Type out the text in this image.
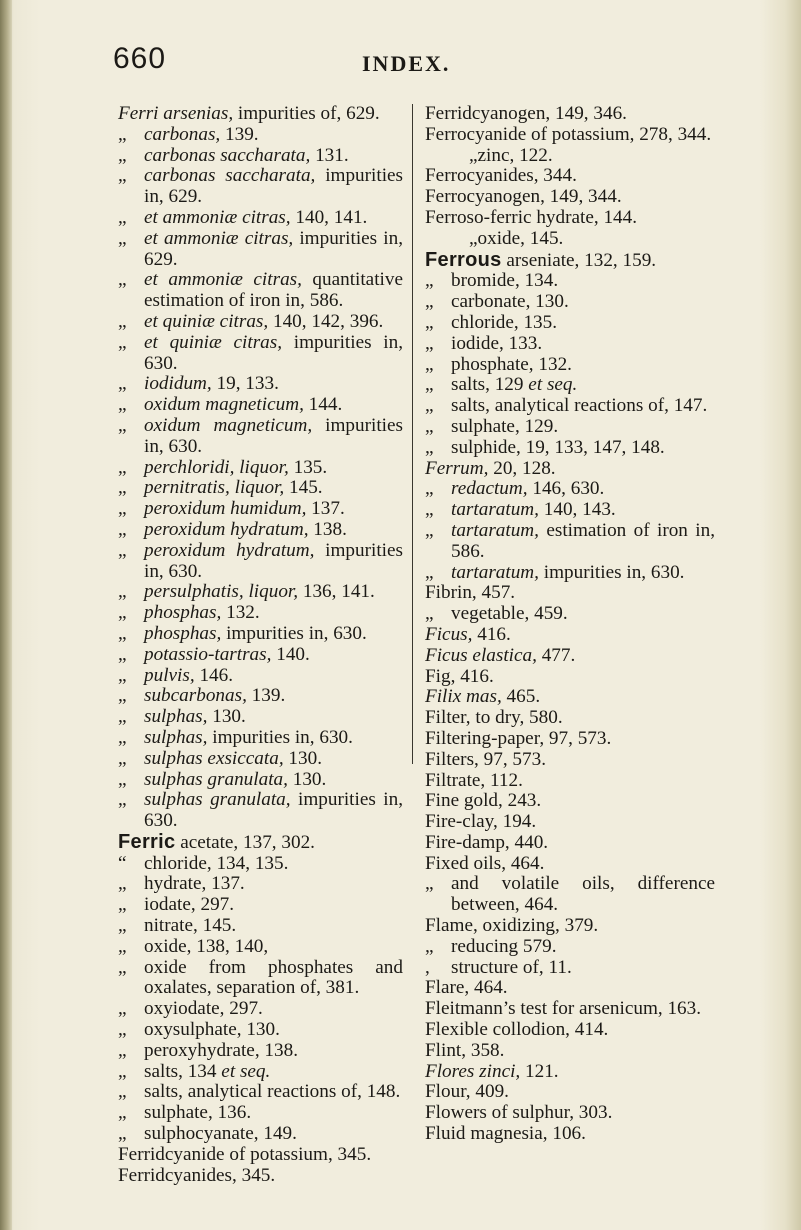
660	INDEX.
Ferri arsenias, impurities of, 629.
„ carbonas, 139.
„ carbonas saccharata, 131.
„ carbonas saccharata, impurities in, 629.
„ et ammoniæ citras, 140, 141.
„ et ammoniæ citras, impurities in, 629.
„ et ammoniæ citras, quantitative estimation of iron in, 586.
„ et quiniæ citras, 140, 142, 396.
„ et quiniæ citras, impurities in, 630.
„ iodidum, 19, 133.
„ oxidum magneticum, 144.
„ oxidum magneticum, impurities in, 630.
„ perchloridi, liquor, 135.
„ pernitratis, liquor, 145.
„ peroxidum humidum, 137.
„ peroxidum hydratum, 138.
„ peroxidum hydratum, impurities in, 630.
„ persulphatis, liquor, 136, 141.
„ phosphas, 132.
„ phosphas, impurities in, 630.
„ potassio-tartras, 140.
„ pulvis, 146.
„ subcarbonas, 139.
„ sulphas, 130.
„ sulphas, impurities in, 630.
„ sulphas exsiccata, 130.
„ sulphas granulata, 130.
„ sulphas granulata, impurities in, 630.
Ferric acetate, 137, 302.
“ chloride, 134, 135.
„ hydrate, 137.
„ iodate, 297.
„ nitrate, 145.
„ oxide, 138, 140,
„ oxide from phosphates and oxalates, separation of, 381.
„ oxyiodate, 297.
„ oxysulphate, 130.
„ peroxyhydrate, 138.
„ salts, 134 et seq.
„ salts, analytical reactions of, 148.
„ sulphate, 136.
„ sulphocyanate, 149.
Ferridcyanide of potassium, 345.
Ferridcyanides, 345.
Ferridcyanogen, 149, 346.
Ferrocyanide of potassium, 278, 344.
„zinc, 122.
Ferrocyanides, 344.
Ferrocyanogen, 149, 344.
Ferroso-ferric hydrate, 144.
„oxide, 145.
Ferrous arseniate, 132, 159.
„ bromide, 134.
„ carbonate, 130.
„ chloride, 135.
„ iodide, 133.
„ phosphate, 132.
„ salts, 129 et seq.
„ salts, analytical reactions of, 147.
„ sulphate, 129.
„ sulphide, 19, 133, 147, 148.
Ferrum, 20, 128.
„ redactum, 146, 630.
„ tartaratum, 140, 143.
„ tartaratum, estimation of iron in, 586.
„ tartaratum, impurities in, 630.
Fibrin, 457.
„ vegetable, 459.
Ficus, 416.
Ficus elastica, 477.
Fig, 416.
Filix mas, 465.
Filter, to dry, 580.
Filtering-paper, 97, 573.
Filters, 97, 573.
Filtrate, 112.
Fine gold, 243.
Fire-clay, 194.
Fire-damp, 440.
Fixed oils, 464.
„ and volatile oils, difference between, 464.
Flame, oxidizing, 379.
„ reducing 579.
, structure of, 11.
Flare, 464.
Fleitmann’s test for arsenicum, 163.
Flexible collodion, 414.
Flint, 358.
Flores zinci, 121.
Flour, 409.
Flowers of sulphur, 303.
Fluid magnesia, 106.
